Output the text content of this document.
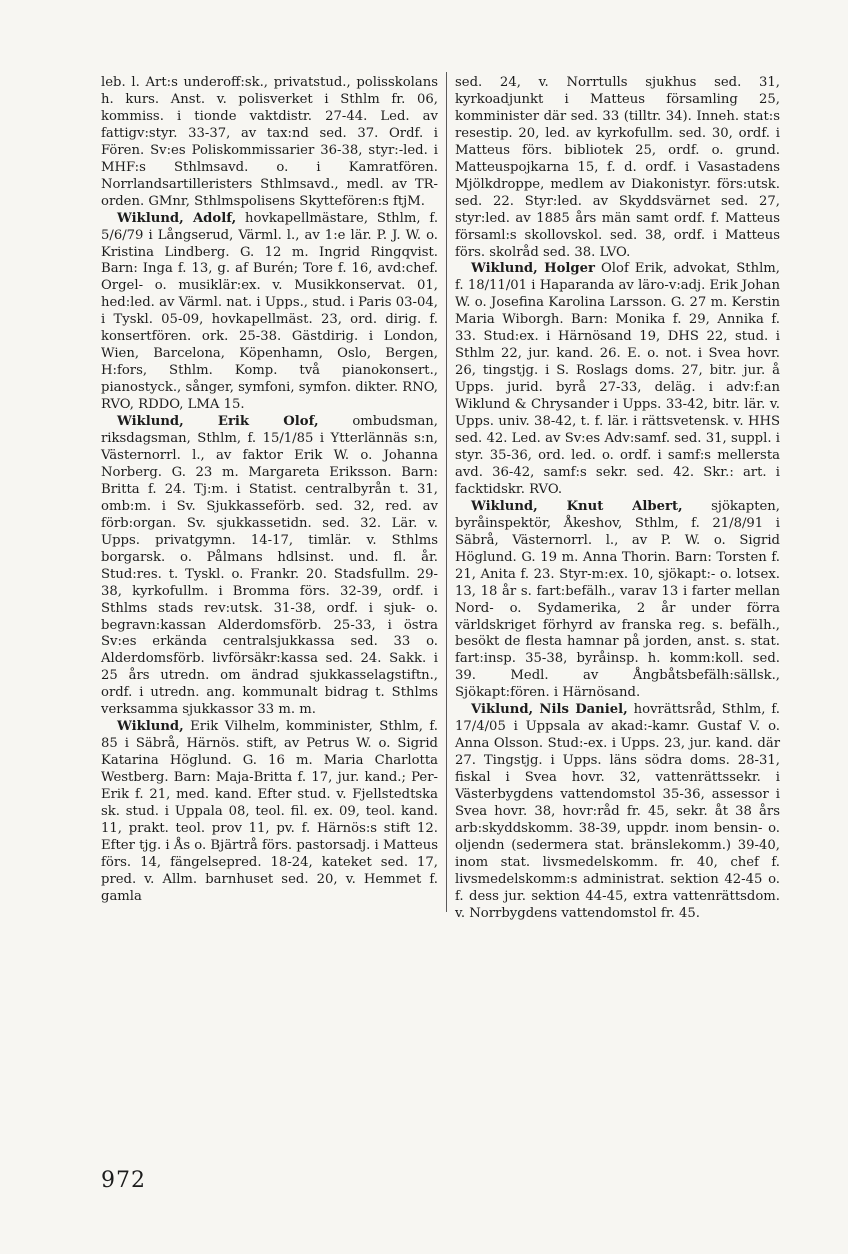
leb. l. Art:s underoff:sk., privatstud., polisskolans h. kurs. Anst. v. polisverket i Sthlm fr. 06, kommiss. i tionde vaktdistr. 27-44. Led. av fattigv:styr. 33-37, av tax:nd sed. 37. Ordf. i Fören. Sv:es Poliskommissarier 36-38, styr:-led. i MHF:s Sthlmsavd. o. i Kamratfören. Norrlandsartilleristers Sthlmsavd., medl. av TR-orden. GMnr, Sthlmspolisens Skyttefören:s ftjM.

Wiklund, Adolf, hovkapellmästare, Sthlm, f. 5/6/79 i Långserud, Värml. l., av 1:e lär. P. J. W. o. Kristina Lindberg. G. 12 m. Ingrid Ringqvist. Barn: Inga f. 13, g. af Burén; Tore f. 16, avd:chef. Orgel- o. musiklär:ex. v. Musikkonservat. 01, hed:led. av Värml. nat. i Upps., stud. i Paris 03-04, i Tyskl. 05-09, hovkapellmäst. 23, ord. dirig. f. konsertfören. ork. 25-38. Gästdirig. i London, Wien, Barcelona, Köpenhamn, Oslo, Bergen, H:fors, Sthlm. Komp. två pianokonsert., pianostyck., sånger, symfoni, symfon. dikter. RNO, RVO, RDDO, LMA 15.

Wiklund, Erik Olof, ombudsman, riksdagsman, Sthlm, f. 15/1/85 i Ytterlännäs s:n, Västernorrl. l., av faktor Erik W. o. Johanna Norberg. G. 23 m. Margareta Eriksson. Barn: Britta f. 24. Tj:m. i Statist. centralbyrån t. 31, omb:m. i Sv. Sjukkasseförb. sed. 32, red. av förb:organ. Sv. sjukkassetidn. sed. 32. Lär. v. Upps. privatgymn. 14-17, timlär. v. Sthlms borgarsk. o. Pålmans hdlsinst. und. fl. år. Stud:res. t. Tyskl. o. Frankr. 20. Stadsfullm. 29-38, kyrkofullm. i Bromma förs. 32-39, ordf. i Sthlms stads rev:utsk. 31-38, ordf. i sjuk- o. begravn:kassan Alderdomsförb. 25-33, i östra Sv:es erkända centralsjukkassa sed. 33 o. Alderdomsförb. livförsäkr:kassa sed. 24. Sakk. i 25 års utredn. om ändrad sjukkasselagstiftn., ordf. i utredn. ang. kommunalt bidrag t. Sthlms verksamma sjukkassor 33 m. m.

Wiklund, Erik Vilhelm, komminister, Sthlm, f. 85 i Säbrå, Härnös. stift, av Petrus W. o. Sigrid Katarina Höglund. G. 16 m. Maria Charlotta Westberg. Barn: Maja-Britta f. 17, jur. kand.; Per-Erik f. 21, med. kand. Efter stud. v. Fjellstedtska sk. stud. i Uppala 08, teol. fil. ex. 09, teol. kand. 11, prakt. teol. prov 11, pv. f. Härnös:s stift 12. Efter tjg. i Ås o. Bjärtrå förs. pastorsadj. i Matteus förs. 14, fängelsepred. 18-24, kateket sed. 17, pred. v. Allm. barnhuset sed. 20, v. Hemmet f. gamla

sed. 24, v. Norrtulls sjukhus sed. 31, kyrkoadjunkt i Matteus församling 25, komminister där sed. 33 (tilltr. 34). Inneh. stat:s resestip. 20, led. av kyrkofullm. sed. 30, ordf. i Matteus förs. bibliotek 25, ordf. o. grund. Matteuspojkarna 15, f. d. ordf. i Vasastadens Mjölkdroppe, medlem av Diakonistyr. förs:utsk. sed. 22. Styr:led. av Skyddsvärnet sed. 27, styr:led. av 1885 års män samt ordf. f. Matteus församl:s skollovskol. sed. 38, ordf. i Matteus förs. skolråd sed. 38. LVO.

Wiklund, Holger Olof Erik, advokat, Sthlm, f. 18/11/01 i Haparanda av läro-v:adj. Erik Johan W. o. Josefina Karolina Larsson. G. 27 m. Kerstin Maria Wiborgh. Barn: Monika f. 29, Annika f. 33. Stud:ex. i Härnösand 19, DHS 22, stud. i Sthlm 22, jur. kand. 26. E. o. not. i Svea hovr. 26, tingstjg. i S. Roslags doms. 27, bitr. jur. å Upps. jurid. byrå 27-33, deläg. i adv:f:an Wiklund & Chrysander i Upps. 33-42, bitr. lär. v. Upps. univ. 38-42, t. f. lär. i rättsvetensk. v. HHS sed. 42. Led. av Sv:es Adv:samf. sed. 31, suppl. i styr. 35-36, ord. led. o. ordf. i samf:s mellersta avd. 36-42, samf:s sekr. sed. 42. Skr.: art. i facktidskr. RVO.

Wiklund, Knut Albert, sjökapten, byråinspektör, Åkeshov, Sthlm, f. 21/8/91 i Säbrå, Västernorrl. l., av P. W. o. Sigrid Höglund. G. 19 m. Anna Thorin. Barn: Torsten f. 21, Anita f. 23. Styr-m:ex. 10, sjökapt:- o. lotsex. 13, 18 år s. fart:befälh., varav 13 i farter mellan Nord- o. Sydamerika, 2 år under förra världskriget förhyrd av franska reg. s. befälh., besökt de flesta hamnar på jorden, anst. s. stat. fart:insp. 35-38, byråinsp. h. komm:koll. sed. 39. Medl. av Ångbåtsbefälh:sällsk., Sjökapt:fören. i Härnösand.

Viklund, Nils Daniel, hovrättsråd, Sthlm, f. 17/4/05 i Uppsala av akad:-kamr. Gustaf V. o. Anna Olsson. Stud:-ex. i Upps. 23, jur. kand. där 27. Tingstjg. i Upps. läns södra doms. 28-31, fiskal i Svea hovr. 32, vattenrättssekr. i Västerbygdens vattendomstol 35-36, assessor i Svea hovr. 38, hovr:råd fr. 45, sekr. åt 38 års arb:skyddskomm. 38-39, uppdr. inom bensin- o. oljendn (sedermera stat. bränslekomm.) 39-40, inom stat. livsmedelskomm. fr. 40, chef f. livsmedelskomm:s administrat. sektion 42-45 o. f. dess jur. sektion 44-45, extra vattenrättsdom. v. Norrbygdens vattendomstol fr. 45.

972
